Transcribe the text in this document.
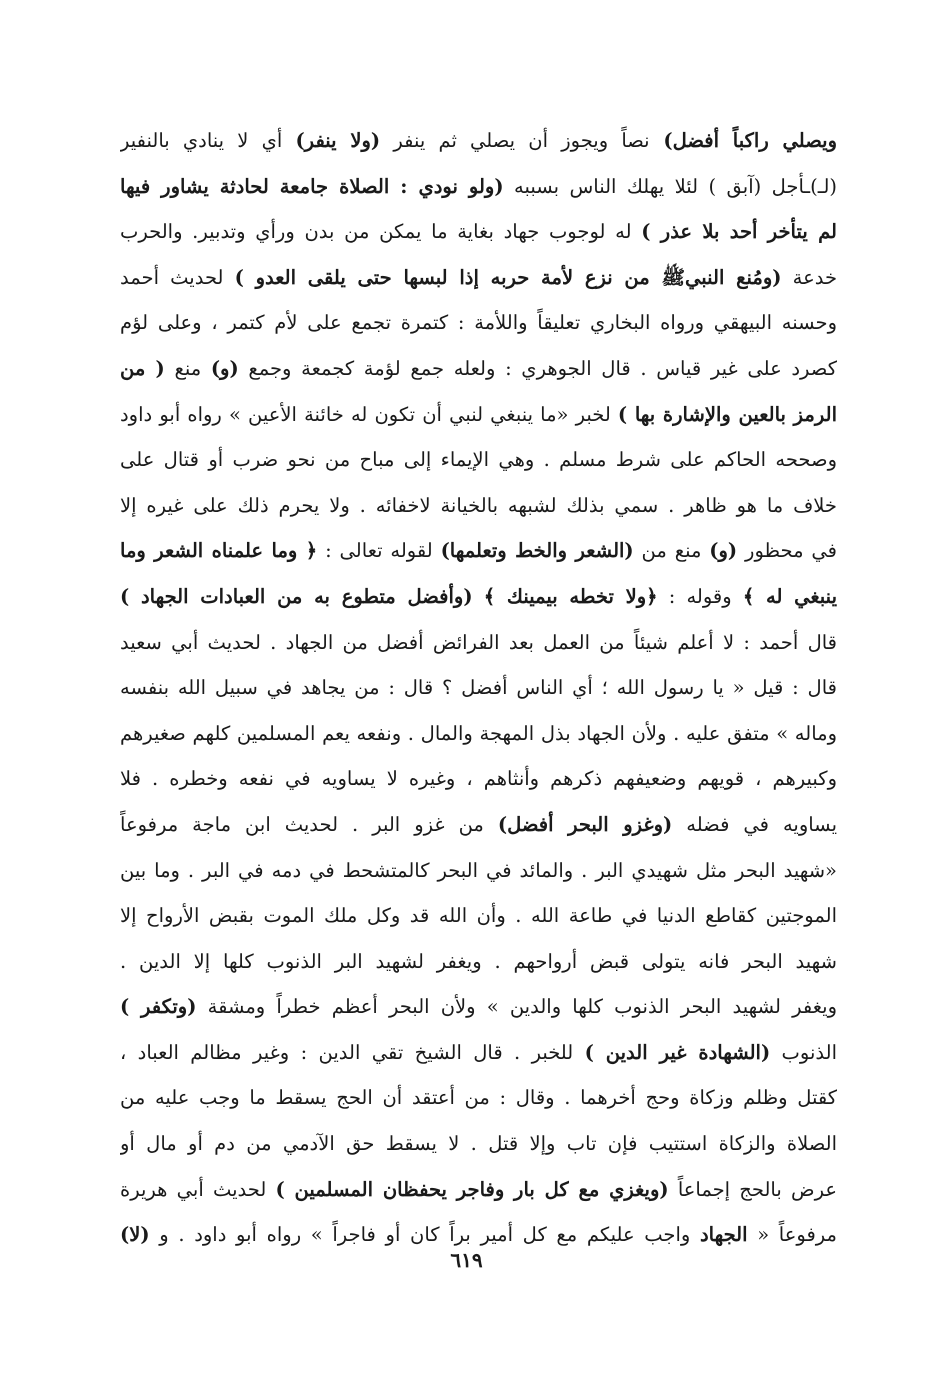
ويصلي راكباً أفضل) نصاً ويجوز أن يصلي ثم ينفر (ولا ينفر) أي لا ينادي بالنفير
(لـ)ـأجل (آبق ) لئلا يهلك الناس بسببه (ولو نودي : الصلاة جامعة لحادثة يشاور فيها
لم يتأخر أحد بلا عذر ) له لوجوب جهاد بغاية ما يمكن من بدن ورأي وتدبير. والحرب
خدعة (ومُنع النبيﷺ من نزع لأمة حربه إذا لبسها حتى يلقى العدو ) لحديث أحمد
وحسنه البيهقي ورواه البخاري تعليقاً واللأمة : كتمرة تجمع على لأم كتمر ، وعلى لؤم
كصرد على غير قياس . قال الجوهري : ولعله جمع لؤمة كجمعة وجمع (و) منع ( من
الرمز بالعين والإشارة بها ) لخبر «ما ينبغي لنبي أن تكون له خائنة الأعين » رواه أبو داود
وصححه الحاكم على شرط مسلم . وهي الإيماء إلى مباح من نحو ضرب أو قتال على
خلاف ما هو ظاهر . سمي بذلك لشبهه بالخيانة لاخفائه . ولا يحرم ذلك على غيره إلا
في محظور (و) منع من (الشعر والخط وتعلمها) لقوله تعالى : ﴿ وما علمناه الشعر وما
ينبغي له ﴾ وقوله : ﴿ولا تخطه بيمينك ﴾ (وأفضل متطوع به من العبادات الجهاد )
قال أحمد : لا أعلم شيئاً من العمل بعد الفرائض أفضل من الجهاد . لحديث أبي سعيد
قال : قيل « يا رسول الله ؛ أي الناس أفضل ؟ قال : من يجاهد في سبيل الله بنفسه
وماله » متفق عليه . ولأن الجهاد بذل المهجة والمال . ونفعه يعم المسلمين كلهم صغيرهم
وكبيرهم ، قويهم وضعيفهم ذكرهم وأنثاهم ، وغيره لا يساويه في نفعه وخطره . فلا
يساويه في فضله (وغزو البحر أفضل) من غزو البر . لحديث ابن ماجة مرفوعاً
«شهيد البحر مثل شهيدي البر . والمائد في البحر كالمتشحط في دمه في البر . وما بين
الموجتين كقاطع الدنيا في طاعة الله . وأن الله قد وكل ملك الموت بقبض الأرواح إلا
شهيد البحر فانه يتولى قبض أرواحهم . ويغفر لشهيد البر الذنوب كلها إلا الدين .
ويغفر لشهيد البحر الذنوب كلها والدين » ولأن البحر أعظم خطراً ومشقة (وتكفر )
الذنوب (الشهادة غير الدين ) للخبر . قال الشيخ تقي الدين : وغير مظالم العباد ،
كقتل وظلم وزكاة وحج أخرهما . وقال : من أعتقد أن الحج يسقط ما وجب عليه من
الصلاة والزكاة استتيب فإن تاب وإلا قتل . لا يسقط حق الآدمي من دم أو مال أو
عرض بالحج إجماعاً (ويغزي مع كل بار وفاجر يحفظان المسلمين ) لحديث أبي هريرة
مرفوعاً « الجهاد واجب عليكم مع كل أمير براً كان أو فاجراً » رواه أبو داود . و (لا)
٦١٩
